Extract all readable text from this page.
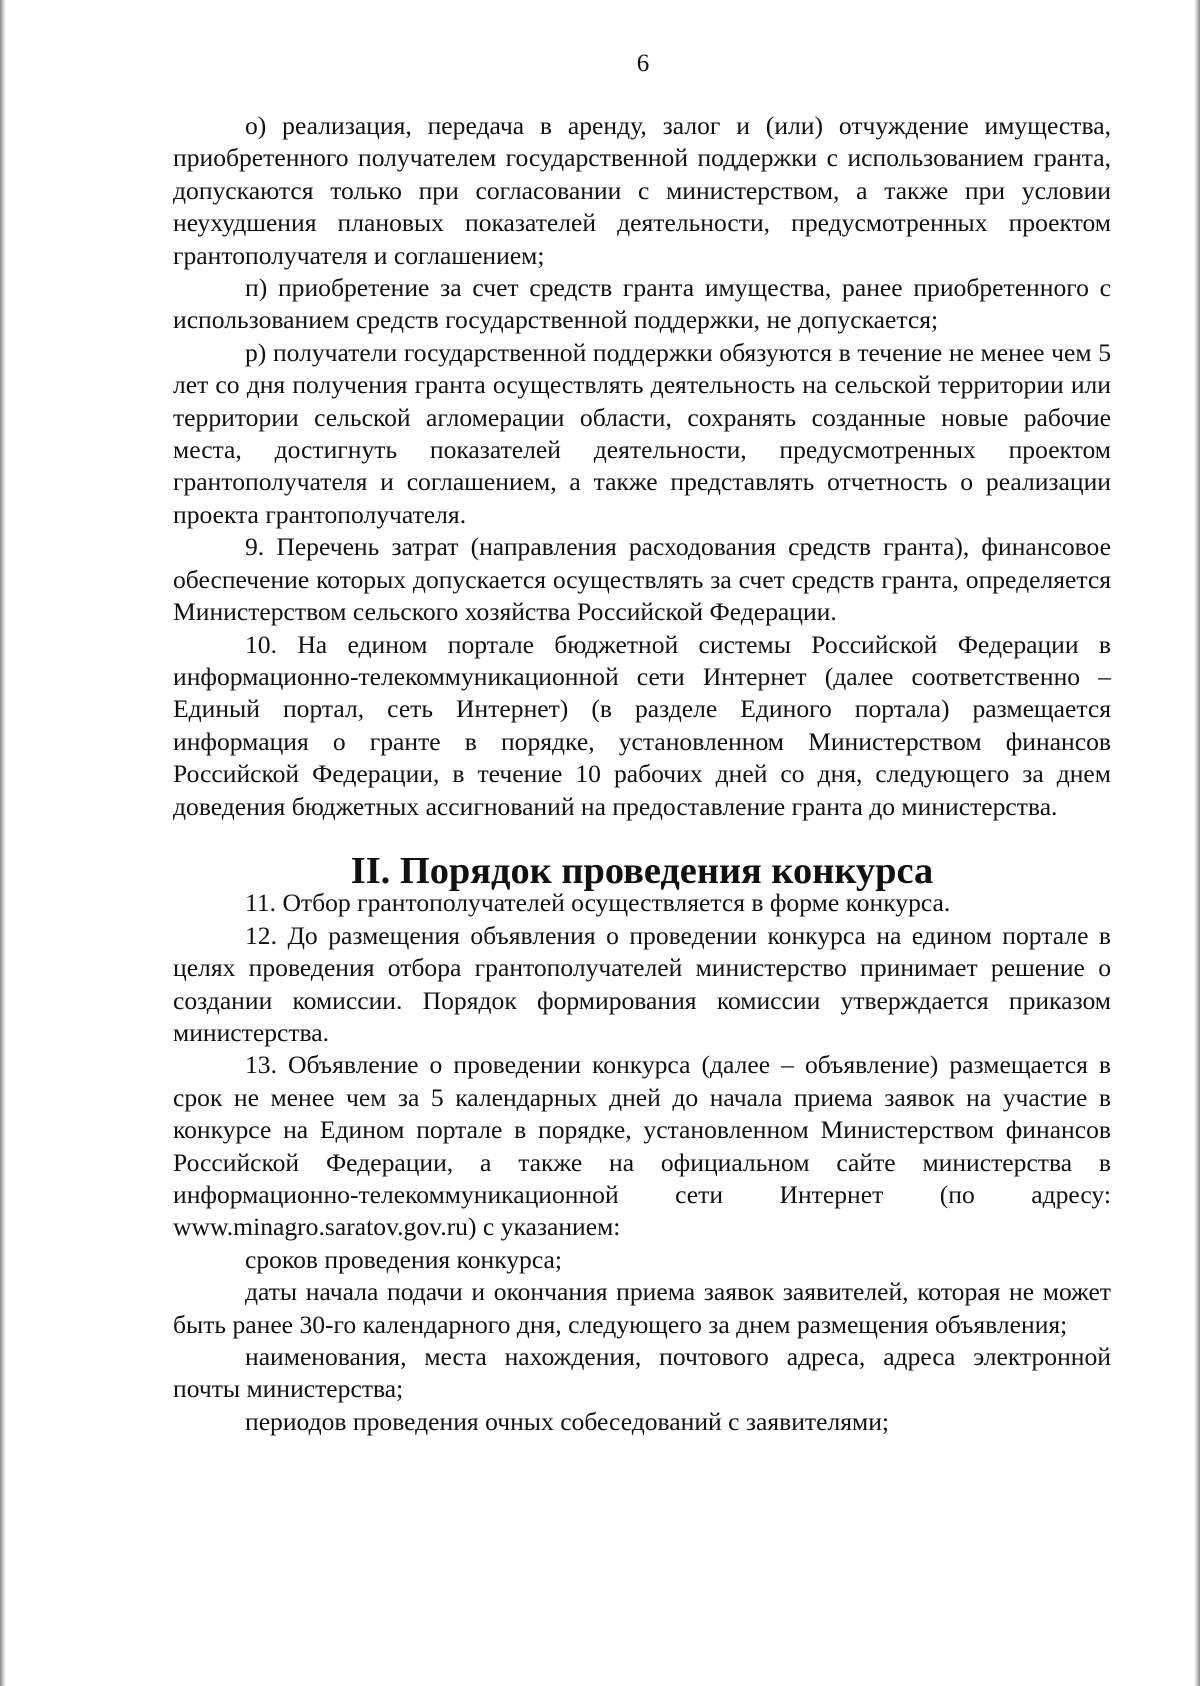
6

о) реализация, передача в аренду, залог и (или) отчуждение имущества, приобретенного получателем государственной поддержки с использованием гранта, допускаются только при согласовании с министерством, а также при условии неухудшения плановых показателей деятельности, предусмотренных проектом грантополучателя и соглашением;

п) приобретение за счет средств гранта имущества, ранее приобретенного с использованием средств государственной поддержки, не допускается;

р) получатели государственной поддержки обязуются в течение не менее чем 5 лет со дня получения гранта осуществлять деятельность на сельской территории или территории сельской агломерации области, сохранять созданные новые рабочие места, достигнуть показателей деятельности, предусмотренных проектом грантополучателя и соглашением, а также представлять отчетность о реализации проекта грантополучателя.

9. Перечень затрат (направления расходования средств гранта), финансовое обеспечение которых допускается осуществлять за счет средств гранта, определяется Министерством сельского хозяйства Российской Федерации.

10. На едином портале бюджетной системы Российской Федерации в информационно-телекоммуникационной сети Интернет (далее соответственно – Единый портал, сеть Интернет) (в разделе Единого портала) размещается информация о гранте в порядке, установленном Министерством финансов Российской Федерации, в течение 10 рабочих дней со дня, следующего за днем доведения бюджетных ассигнований на предоставление гранта до министерства.

II. Порядок проведения конкурса

11. Отбор грантополучателей осуществляется в форме конкурса.

12. До размещения объявления о проведении конкурса на едином портале в целях проведения отбора грантополучателей министерство принимает решение о создании комиссии. Порядок формирования комиссии утверждается приказом министерства.

13. Объявление о проведении конкурса (далее – объявление) размещается в срок не менее чем за 5 календарных дней до начала приема заявок на участие в конкурсе на Едином портале в порядке, установленном Министерством финансов Российской Федерации, а также на официальном сайте министерства в информационно-телекоммуникационной сети Интернет (по адресу: www.minagro.saratov.gov.ru) с указанием:

сроков проведения конкурса;

даты начала подачи и окончания приема заявок заявителей, которая не может быть ранее 30-го календарного дня, следующего за днем размещения объявления;

наименования, места нахождения, почтового адреса, адреса электронной почты министерства;

периодов проведения очных собеседований с заявителями;
